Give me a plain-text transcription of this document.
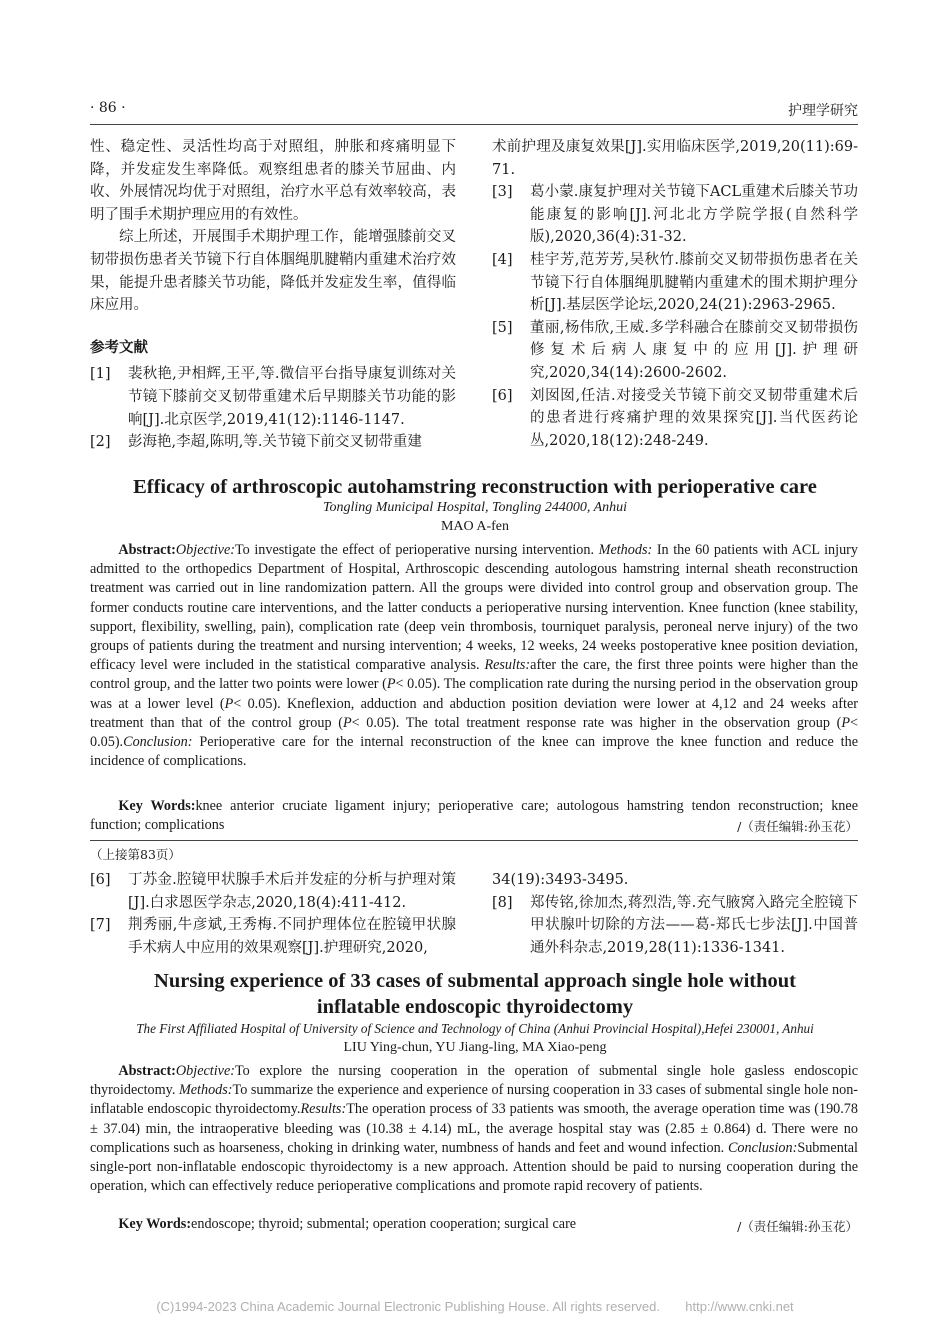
· 86 ·	护理学研究

性、稳定性、灵活性均高于对照组，肿胀和疼痛明显下降，并发症发生率降低。观察组患者的膝关节屈曲、内收、外展情况均优于对照组，治疗水平总有效率较高，表明了围手术期护理应用的有效性。

综上所述，开展围手术期护理工作，能增强膝前交叉韧带损伤患者关节镜下行自体腘绳肌腱鞘内重建术治疗效果，能提升患者膝关节功能，降低并发症发生率，值得临床应用。

参考文献
[1]	裴秋艳,尹相辉,王平,等.微信平台指导康复训练对关节镜下膝前交叉韧带重建术后早期膝关节功能的影响[J].北京医学,2019,41(12):1146-1147.
[2]	彭海艳,李超,陈明,等.关节镜下前交叉韧带重建

术前护理及康复效果[J].实用临床医学,2019,20(11):69-71.

[3]	葛小蒙.康复护理对关节镜下ACL重建术后膝关节功能康复的影响[J].河北北方学院学报(自然科学版),2020,36(4):31-32.
[4]	桂宇芳,范芳芳,吴秋竹.膝前交叉韧带损伤患者在关节镜下行自体腘绳肌腱鞘内重建术的围术期护理分析[J].基层医学论坛,2020,24(21):2963-2965.
[5]	董丽,杨伟欣,王威.多学科融合在膝前交叉韧带损伤修复术后病人康复中的应用[J].护理研究,2020,34(14):2600-2602.
[6]	刘囡囡,任洁.对接受关节镜下前交叉韧带重建术后的患者进行疼痛护理的效果探究[J].当代医药论丛,2020,18(12):248-249.
Efficacy of arthroscopic autohamstring reconstruction with perioperative care
Tongling Municipal Hospital, Tongling 244000, Anhui
MAO A-fen

Abstract:Objective:To investigate the effect of perioperative nursing intervention. Methods: In the 60 patients with ACL injury admitted to the orthopedics Department of Hospital, Arthroscopic descending autologous hamstring internal sheath reconstruction treatment was carried out in line randomization pattern. All the groups were divided into control group and observation group. The former conducts routine care interventions, and the latter conducts a perioperative nursing intervention. Knee function (knee stability, support, flexibility, swelling, pain), complication rate (deep vein thrombosis, tourniquet paralysis, peroneal nerve injury) of the two groups of patients during the treatment and nursing intervention; 4 weeks, 12 weeks, 24 weeks postoperative knee position deviation, efficacy level were included in the statistical comparative analysis. Results:after the care, the first three points were higher than the control group, and the latter two points were lower (P< 0.05). The complication rate during the nursing period in the observation group was at a lower level (P< 0.05). Kneflexion, adduction and abduction position deviation were lower at 4,12 and 24 weeks after treatment than that of the control group (P< 0.05). The total treatment response rate was higher in the observation group (P< 0.05).Conclusion: Perioperative care for the internal reconstruction of the knee can improve the knee function and reduce the incidence of complications.

Key Words:knee anterior cruciate ligament injury; perioperative care; autologous hamstring tendon reconstruction; knee function; complications	/（责任编辑:孙玉花）
（上接第83页）
[6]	丁苏金.腔镜甲状腺手术后并发症的分析与护理对策[J].白求恩医学杂志,2020,18(4):411-412.
[7]	荆秀丽,牛彦斌,王秀梅.不同护理体位在腔镜甲状腺手术病人中应用的效果观察[J].护理研究,2020,

34(19):3493-3495.

[8]	郑传铭,徐加杰,蒋烈浩,等.充气腋窝入路完全腔镜下甲状腺叶切除的方法——葛-郑氏七步法[J].中国普通外科杂志,2019,28(11):1336-1341.
Nursing experience of 33 cases of submental approach single hole without
inflatable endoscopic thyroidectomy
The First Affiliated Hospital of University of Science and Technology of China (Anhui Provincial Hospital),Hefei 230001, Anhui
LIU Ying-chun, YU Jiang-ling, MA Xiao-peng

Abstract:Objective:To explore the nursing cooperation in the operation of submental single hole gasless endoscopic thyroidectomy. Methods:To summarize the experience and experience of nursing cooperation in 33 cases of submental single hole non-inflatable endoscopic thyroidectomy.Results:The operation process of 33 patients was smooth, the average operation time was (190.78 ± 37.04) min, the intraoperative bleeding was (10.38 ± 4.14) mL, the average hospital stay was (2.85 ± 0.864) d. There were no complications such as hoarseness, choking in drinking water, numbness of hands and feet and wound infection. Conclusion:Submental single-port non-inflatable endoscopic thyroidectomy is a new approach. Attention should be paid to nursing cooperation during the operation, which can effectively reduce perioperative complications and promote rapid recovery of patients.

Key Words:endoscope; thyroid; submental; operation cooperation; surgical care	/（责任编辑:孙玉花）
(C)1994-2023 China Academic Journal Electronic Publishing House. All rights reserved. http://www.cnki.net
